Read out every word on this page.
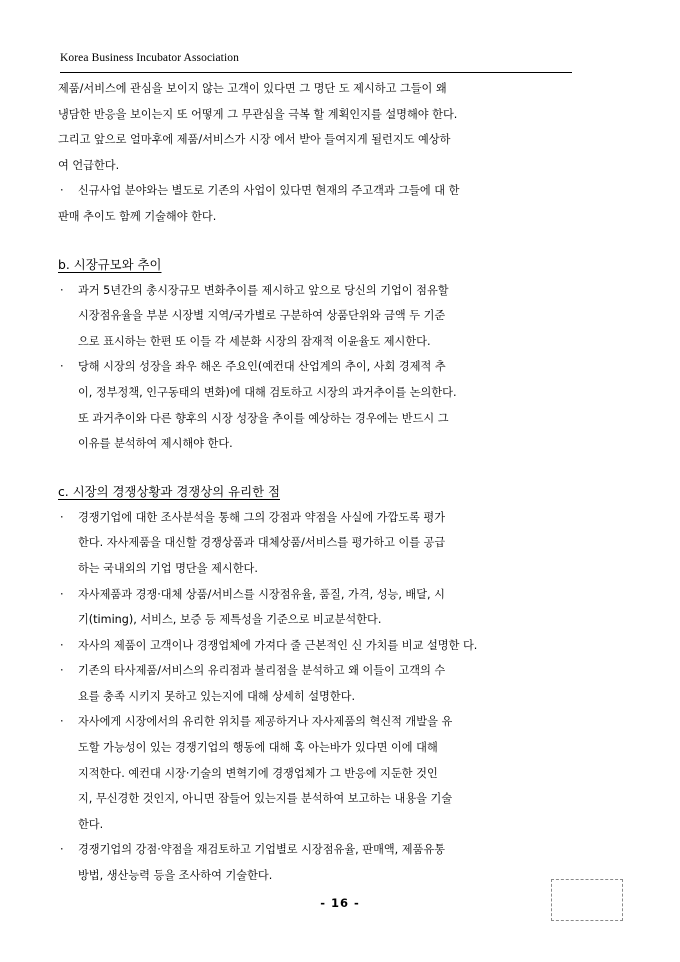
Korea Business Incubator Association
제품/서비스에 관심을 보이지 않는 고객이 있다면 그 명단 도 제시하고 그들이 왜
냉담한 반응을 보이는지 또 어떻게 그 무관심을 극복 할 계획인지를 설명해야 한다.
그리고 앞으로 얼마후에 제품/서비스가 시장 에서 받아 들여지게 될런지도 예상하
여 언급한다.
· 신규사업 분야와는 별도로 기존의 사업이 있다면 현재의 주고객과 그들에 대 한
판매 추이도 함께 기술해야 한다.
b. 시장규모와 추이
· 과거 5년간의 총시장규모 변화추이를 제시하고 앞으로 당신의 기업이 점유할
시장점유율을 부분 시장별 지역/국가별로 구분하여 상품단위와 금액 두 기준
으로 표시하는 한편 또 이들 각 세분화 시장의 잠재적 이윤율도 제시한다.
· 당해 시장의 성장을 좌우 해온 주요인(예컨대 산업계의 추이, 사회 경제적 추
이, 정부정책, 인구동태의 변화)에 대해 검토하고 시장의 과거추이를 논의한다.
또 과거추이와 다른 향후의 시장 성장을 추이를 예상하는 경우에는 반드시 그
이유를 분석하여 제시해야 한다.
c. 시장의 경쟁상황과 경쟁상의 유리한 점
· 경쟁기업에 대한 조사분석을 통해 그의 강점과 약점을 사실에 가깝도록 평가
한다. 자사제품을 대신할 경쟁상품과 대체상품/서비스를 평가하고 이를 공급
하는 국내외의 기업 명단을 제시한다.
· 자사제품과 경쟁·대체 상품/서비스를 시장점유율, 품질, 가격, 성능, 배달, 시
기(timing), 서비스, 보증 등 제특성을 기준으로 비교분석한다.
· 자사의 제품이 고객이나 경쟁업체에 가져다 줄 근본적인 신 가치를 비교 설명한 다.
· 기존의 타사제품/서비스의 유리점과 불리점을 분석하고 왜 이들이 고객의 수
요를 충족 시키지 못하고 있는지에 대해 상세히 설명한다.
· 자사에게 시장에서의 유리한 위치를 제공하거나 자사제품의 혁신적 개발을 유
도할 가능성이 있는 경쟁기업의 행동에 대해 혹 아는바가 있다면 이에 대해
지적한다. 예컨대 시장·기술의 변혁기에 경쟁업체가 그 반응에 지둔한 것인
지, 무신경한 것인지, 아니면 잠들어 있는지를 분석하여 보고하는 내용을 기술
한다.
· 경쟁기업의 강점·약점을 재검토하고 기업별로 시장점유율, 판매액, 제품유통
방법, 생산능력 등을 조사하여 기술한다.
- 16 -
